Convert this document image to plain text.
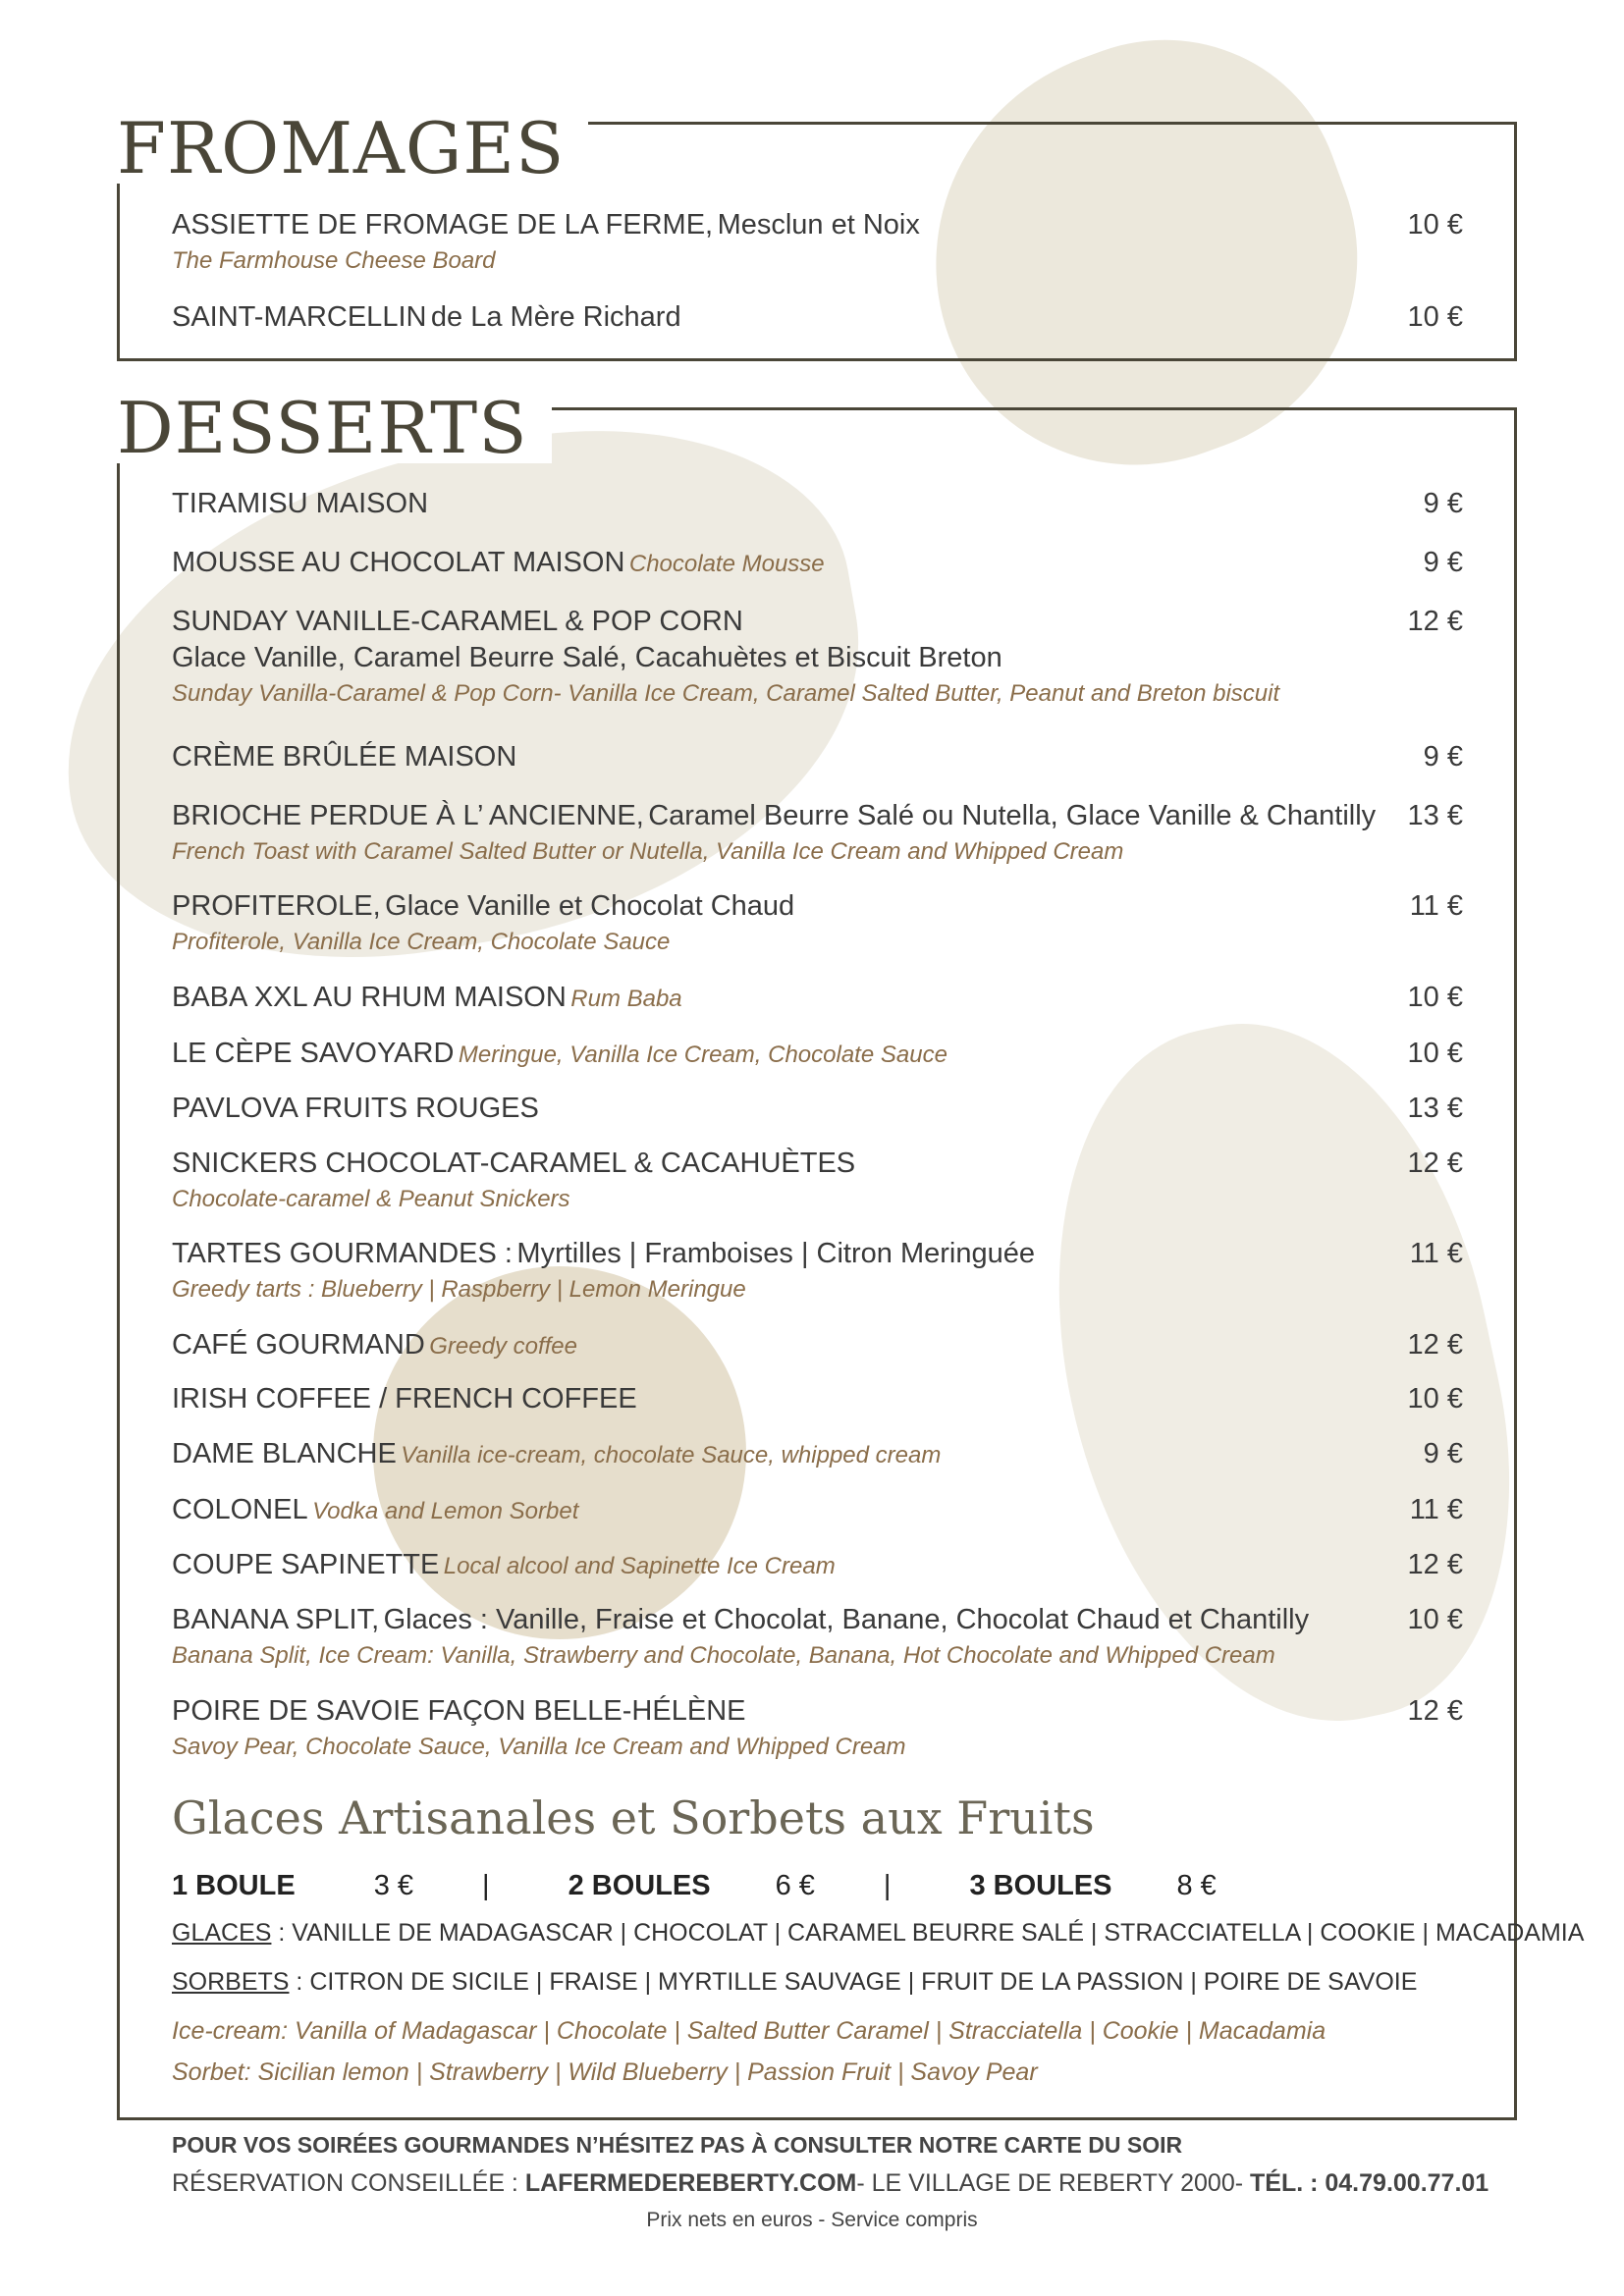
FROMAGES
DESSERTS
ASSIETTE DE FROMAGE DE LA FERME, Mesclun et Noix	10 €
The Farmhouse Cheese Board
SAINT-MARCELLIN de La Mère Richard	10 €
TIRAMISU MAISON	9 €
MOUSSE AU CHOCOLAT MAISON Chocolate Mousse	9 €
SUNDAY VANILLE-CARAMEL & POP CORN	12 €
Glace Vanille, Caramel Beurre Salé, Cacahuètes et Biscuit Breton
Sunday Vanilla-Caramel & Pop Corn- Vanilla Ice Cream, Caramel Salted Butter, Peanut and Breton biscuit
CRÈME BRÛLÉE MAISON	9 €
BRIOCHE PERDUE À L’ ANCIENNE, Caramel Beurre Salé ou Nutella, Glace Vanille & Chantilly 13 €
French Toast with Caramel Salted Butter or Nutella, Vanilla Ice Cream and Whipped Cream
PROFITEROLE, Glace Vanille et Chocolat Chaud	11 €
Profiterole, Vanilla Ice Cream, Chocolate Sauce
BABA XXL AU RHUM MAISON Rum Baba	10 €
LE CÈPE SAVOYARD Meringue, Vanilla Ice Cream, Chocolate Sauce	10 €
PAVLOVA FRUITS ROUGES	13 €
SNICKERS CHOCOLAT-CARAMEL & CACAHUÈTES	12 €
Chocolate-caramel & Peanut Snickers
TARTES GOURMANDES : Myrtilles | Framboises | Citron Meringuée	11 €
Greedy tarts : Blueberry | Raspberry | Lemon Meringue
CAFÉ GOURMAND Greedy coffee	12 €
IRISH COFFEE / FRENCH COFFEE	10 €
DAME BLANCHE Vanilla ice-cream, chocolate Sauce, whipped cream	9 €
COLONEL Vodka and Lemon Sorbet	11 €
COUPE SAPINETTE Local alcool and Sapinette Ice Cream	12 €
BANANA SPLIT, Glaces : Vanille, Fraise et Chocolat, Banane, Chocolat Chaud et Chantilly	10 €
Banana Split, Ice Cream: Vanilla, Strawberry and Chocolate, Banana, Hot Chocolate and Whipped Cream
POIRE DE SAVOIE FAÇON BELLE-HÉLÈNE	12 €
Savoy Pear, Chocolate Sauce, Vanilla Ice Cream and Whipped Cream
Glaces Artisanales et Sorbets aux Fruits
1 BOULE	3 € |	2 BOULES 6 € |	3 BOULES 8 €
GLACES : VANILLE DE MADAGASCAR | CHOCOLAT | CARAMEL BEURRE SALÉ | STRACCIATELLA | COOKIE | MACADAMIA
SORBETS : CITRON DE SICILE | FRAISE | MYRTILLE SAUVAGE | FRUIT DE LA PASSION | POIRE DE SAVOIE
Ice-cream: Vanilla of Madagascar | Chocolate | Salted Butter Caramel | Stracciatella | Cookie | Macadamia
Sorbet: Sicilian lemon | Strawberry | Wild Blueberry | Passion Fruit | Savoy Pear
POUR VOS SOIRÉES GOURMANDES N’HÉSITEZ PAS À CONSULTER NOTRE CARTE DU SOIR
RÉSERVATION CONSEILLÉE : LAFERMEDEREBERTY.COM- LE VILLAGE DE REBERTY 2000- TÉL. : 04.79.00.77.01
Prix nets en euros - Service compris
